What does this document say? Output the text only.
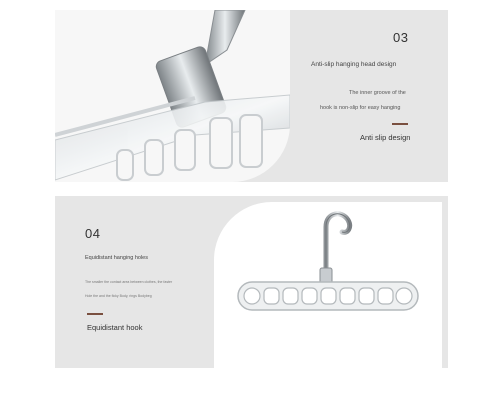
03
Anti-slip hanging head design
The inner groove of the
hook is non-slip for easy hanging
Anti slip design
04
Equidistant hanging holes
The smaller the contact area between clothes, the faster
Hole the and the ficky Body, rings Bodybeg
Equidistant hook
